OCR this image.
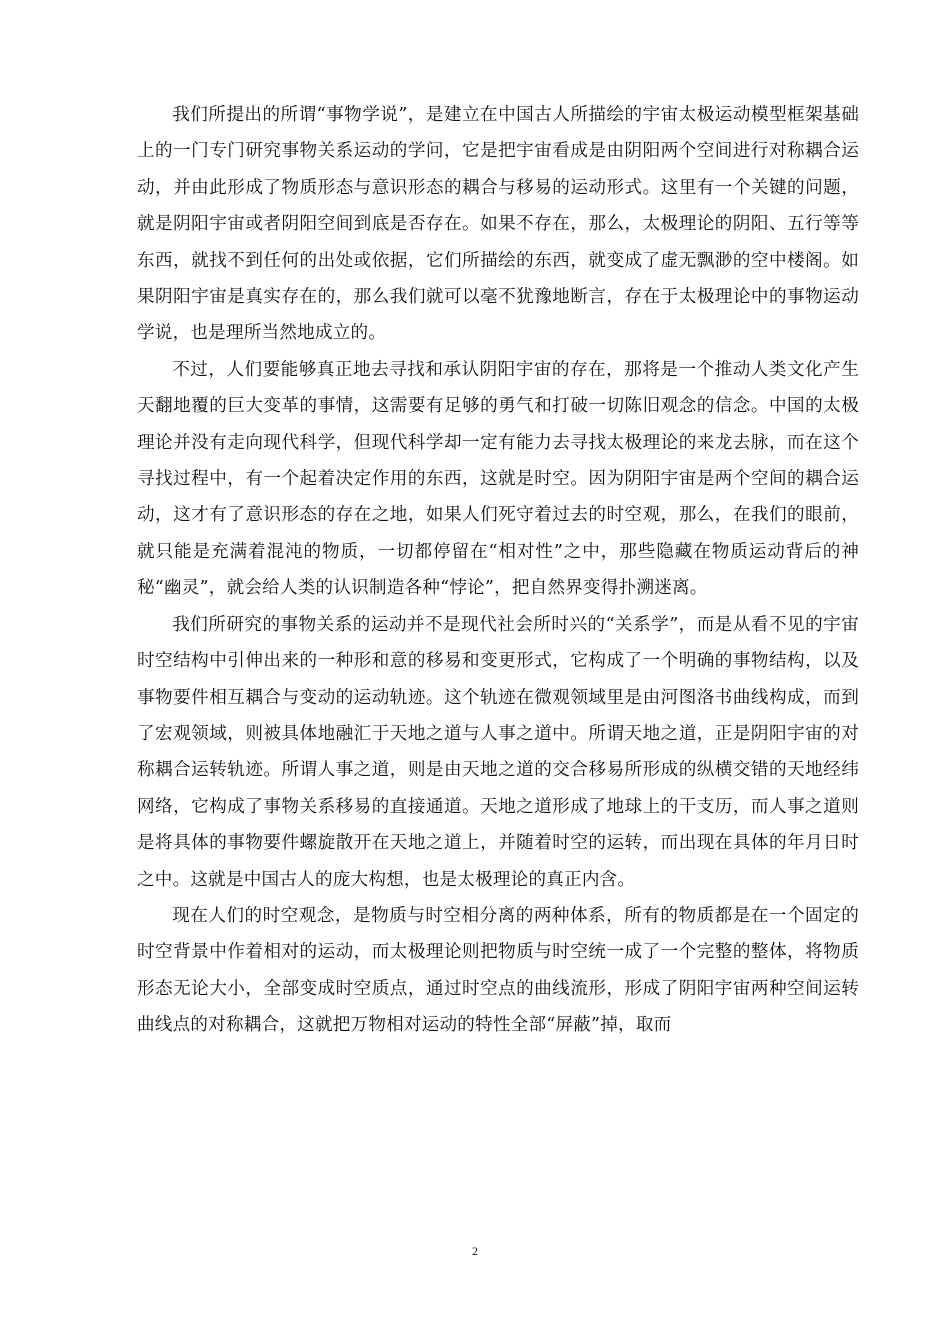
我们所提出的所谓“事物学说”，是建立在中国古人所描绘的宇宙太极运动模型框架基础上的一门专门研究事物关系运动的学问，它是把宇宙看成是由阴阳两个空间进行对称耦合运动，并由此形成了物质形态与意识形态的耦合与移易的运动形式。这里有一个关键的问题，就是阴阳宇宙或者阴阳空间到底是否存在。如果不存在，那么，太极理论的阴阳、五行等等东西，就找不到任何的出处或依据，它们所描绘的东西，就变成了虚无飘渺的空中楼阁。如果阴阳宇宙是真实存在的，那么我们就可以毫不犹豫地断言，存在于太极理论中的事物运动学说，也是理所当然地成立的。

不过，人们要能够真正地去寻找和承认阴阳宇宙的存在，那将是一个推动人类文化产生天翻地覆的巨大变革的事情，这需要有足够的勇气和打破一切陈旧观念的信念。中国的太极理论并没有走向现代科学，但现代科学却一定有能力去寻找太极理论的来龙去脉，而在这个寻找过程中，有一个起着决定作用的东西，这就是时空。因为阴阳宇宙是两个空间的耦合运动，这才有了意识形态的存在之地，如果人们死守着过去的时空观，那么，在我们的眼前，就只能是充满着混沌的物质，一切都停留在“相对性”之中，那些隐藏在物质运动背后的神秘“幽灵”，就会给人类的认识制造各种“悖论”，把自然界变得扑溯迷离。

我们所研究的事物关系的运动并不是现代社会所时兴的“关系学”，而是从看不见的宇宙时空结构中引伸出来的一种形和意的移易和变更形式，它构成了一个明确的事物结构，以及事物要件相互耦合与变动的运动轨迹。这个轨迹在微观领域里是由河图洛书曲线构成，而到了宏观领域，则被具体地融汇于天地之道与人事之道中。所谓天地之道，正是阴阳宇宙的对称耦合运转轨迹。所谓人事之道，则是由天地之道的交合移易所形成的纵横交错的天地经纬网络，它构成了事物关系移易的直接通道。天地之道形成了地球上的干支历，而人事之道则是将具体的事物要件螺旋散开在天地之道上，并随着时空的运转，而出现在具体的年月日时之中。这就是中国古人的庞大构想，也是太极理论的真正内含。

现在人们的时空观念，是物质与时空相分离的两种体系，所有的物质都是在一个固定的时空背景中作着相对的运动，而太极理论则把物质与时空统一成了一个完整的整体，将物质形态无论大小，全部变成时空质点，通过时空点的曲线流形，形成了阴阳宇宙两种空间运转曲线点的对称耦合，这就把万物相对运动的特性全部“屏蔽”掉，取而

2
